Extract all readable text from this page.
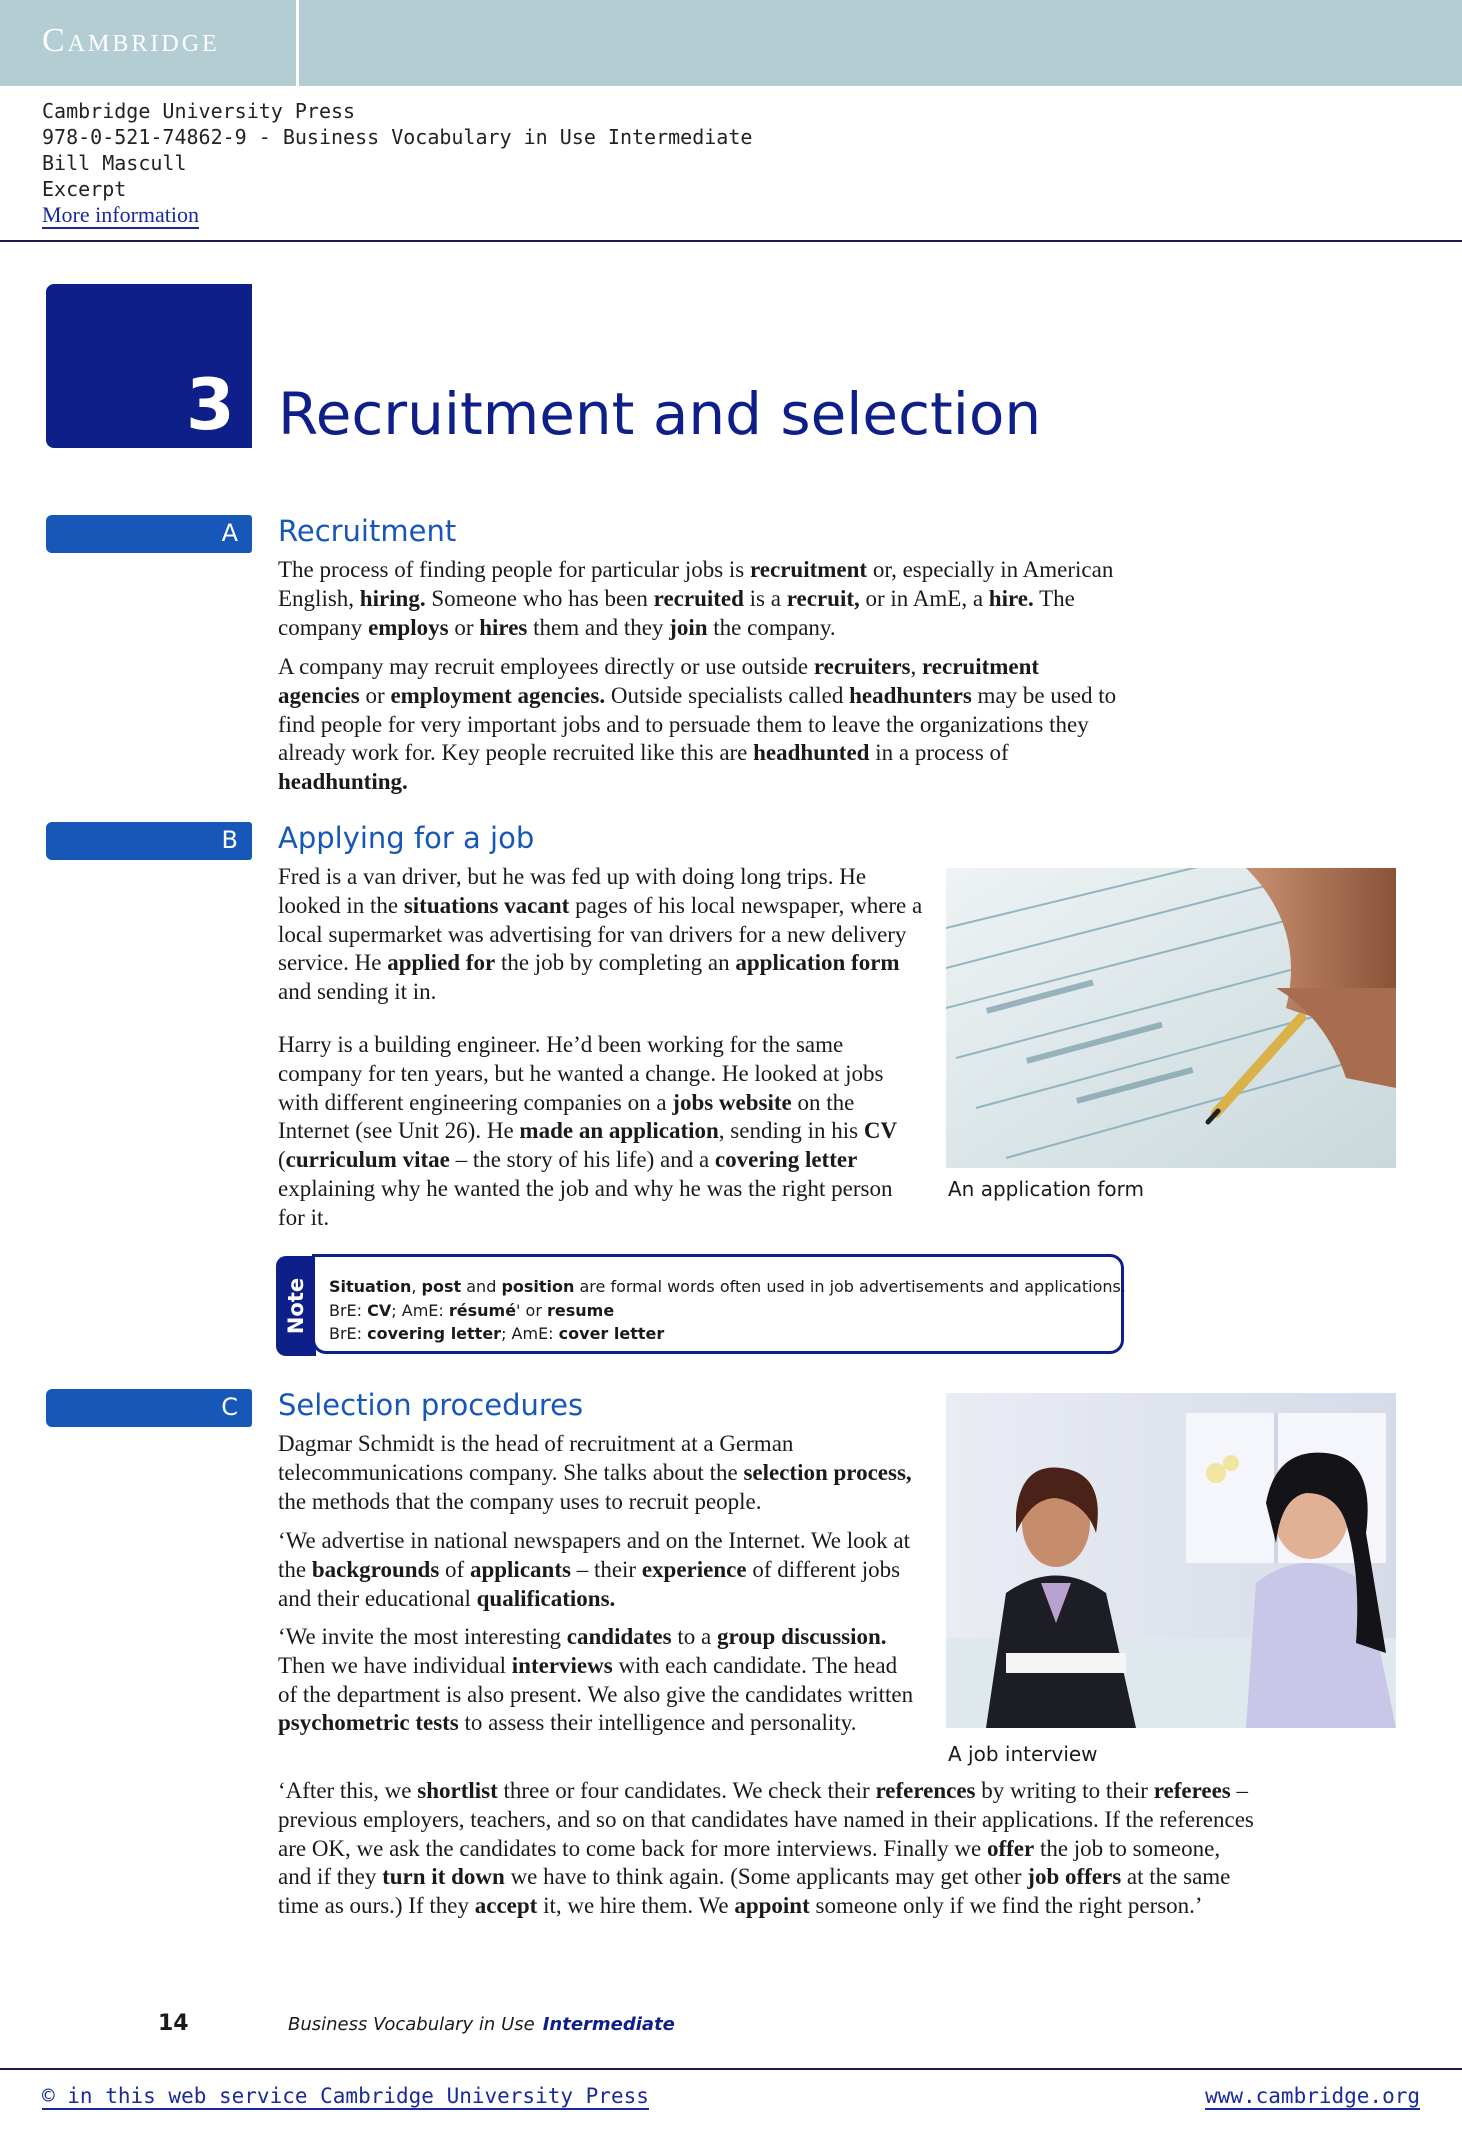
Cambridge
Cambridge University Press
978-0-521-74862-9 - Business Vocabulary in Use Intermediate
Bill Mascull
Excerpt
More information
3 Recruitment and selection
A Recruitment
The process of finding people for particular jobs is recruitment or, especially in American English, hiring. Someone who has been recruited is a recruit, or in AmE, a hire. The company employs or hires them and they join the company.
A company may recruit employees directly or use outside recruiters, recruitment agencies or employment agencies. Outside specialists called headhunters may be used to find people for very important jobs and to persuade them to leave the organizations they already work for. Key people recruited like this are headhunted in a process of headhunting.
B Applying for a job
Fred is a van driver, but he was fed up with doing long trips. He looked in the situations vacant pages of his local newspaper, where a local supermarket was advertising for van drivers for a new delivery service. He applied for the job by completing an application form and sending it in.
Harry is a building engineer. He’d been working for the same company for ten years, but he wanted a change. He looked at jobs with different engineering companies on a jobs website on the Internet (see Unit 26). He made an application, sending in his CV (curriculum vitae – the story of his life) and a covering letter explaining why he wanted the job and why he was the right person for it.
An application form
Note Situation, post and position are formal words often used in job advertisements and applications.
BrE: CV; AmE: résumé' or resume
BrE: covering letter; AmE: cover letter
C Selection procedures
Dagmar Schmidt is the head of recruitment at a German telecommunications company. She talks about the selection process, the methods that the company uses to recruit people.
‘We advertise in national newspapers and on the Internet. We look at the backgrounds of applicants – their experience of different jobs and their educational qualifications.
‘We invite the most interesting candidates to a group discussion. Then we have individual interviews with each candidate. The head of the department is also present. We also give the candidates written psychometric tests to assess their intelligence and personality.
‘After this, we shortlist three or four candidates. We check their references by writing to their referees – previous employers, teachers, and so on that candidates have named in their applications. If the references are OK, we ask the candidates to come back for more interviews. Finally we offer the job to someone, and if they turn it down we have to think again. (Some applicants may get other job offers at the same time as ours.) If they accept it, we hire them. We appoint someone only if we find the right person.’
A job interview
14	Business Vocabulary in Use Intermediate
© in this web service Cambridge University Press	www.cambridge.org
